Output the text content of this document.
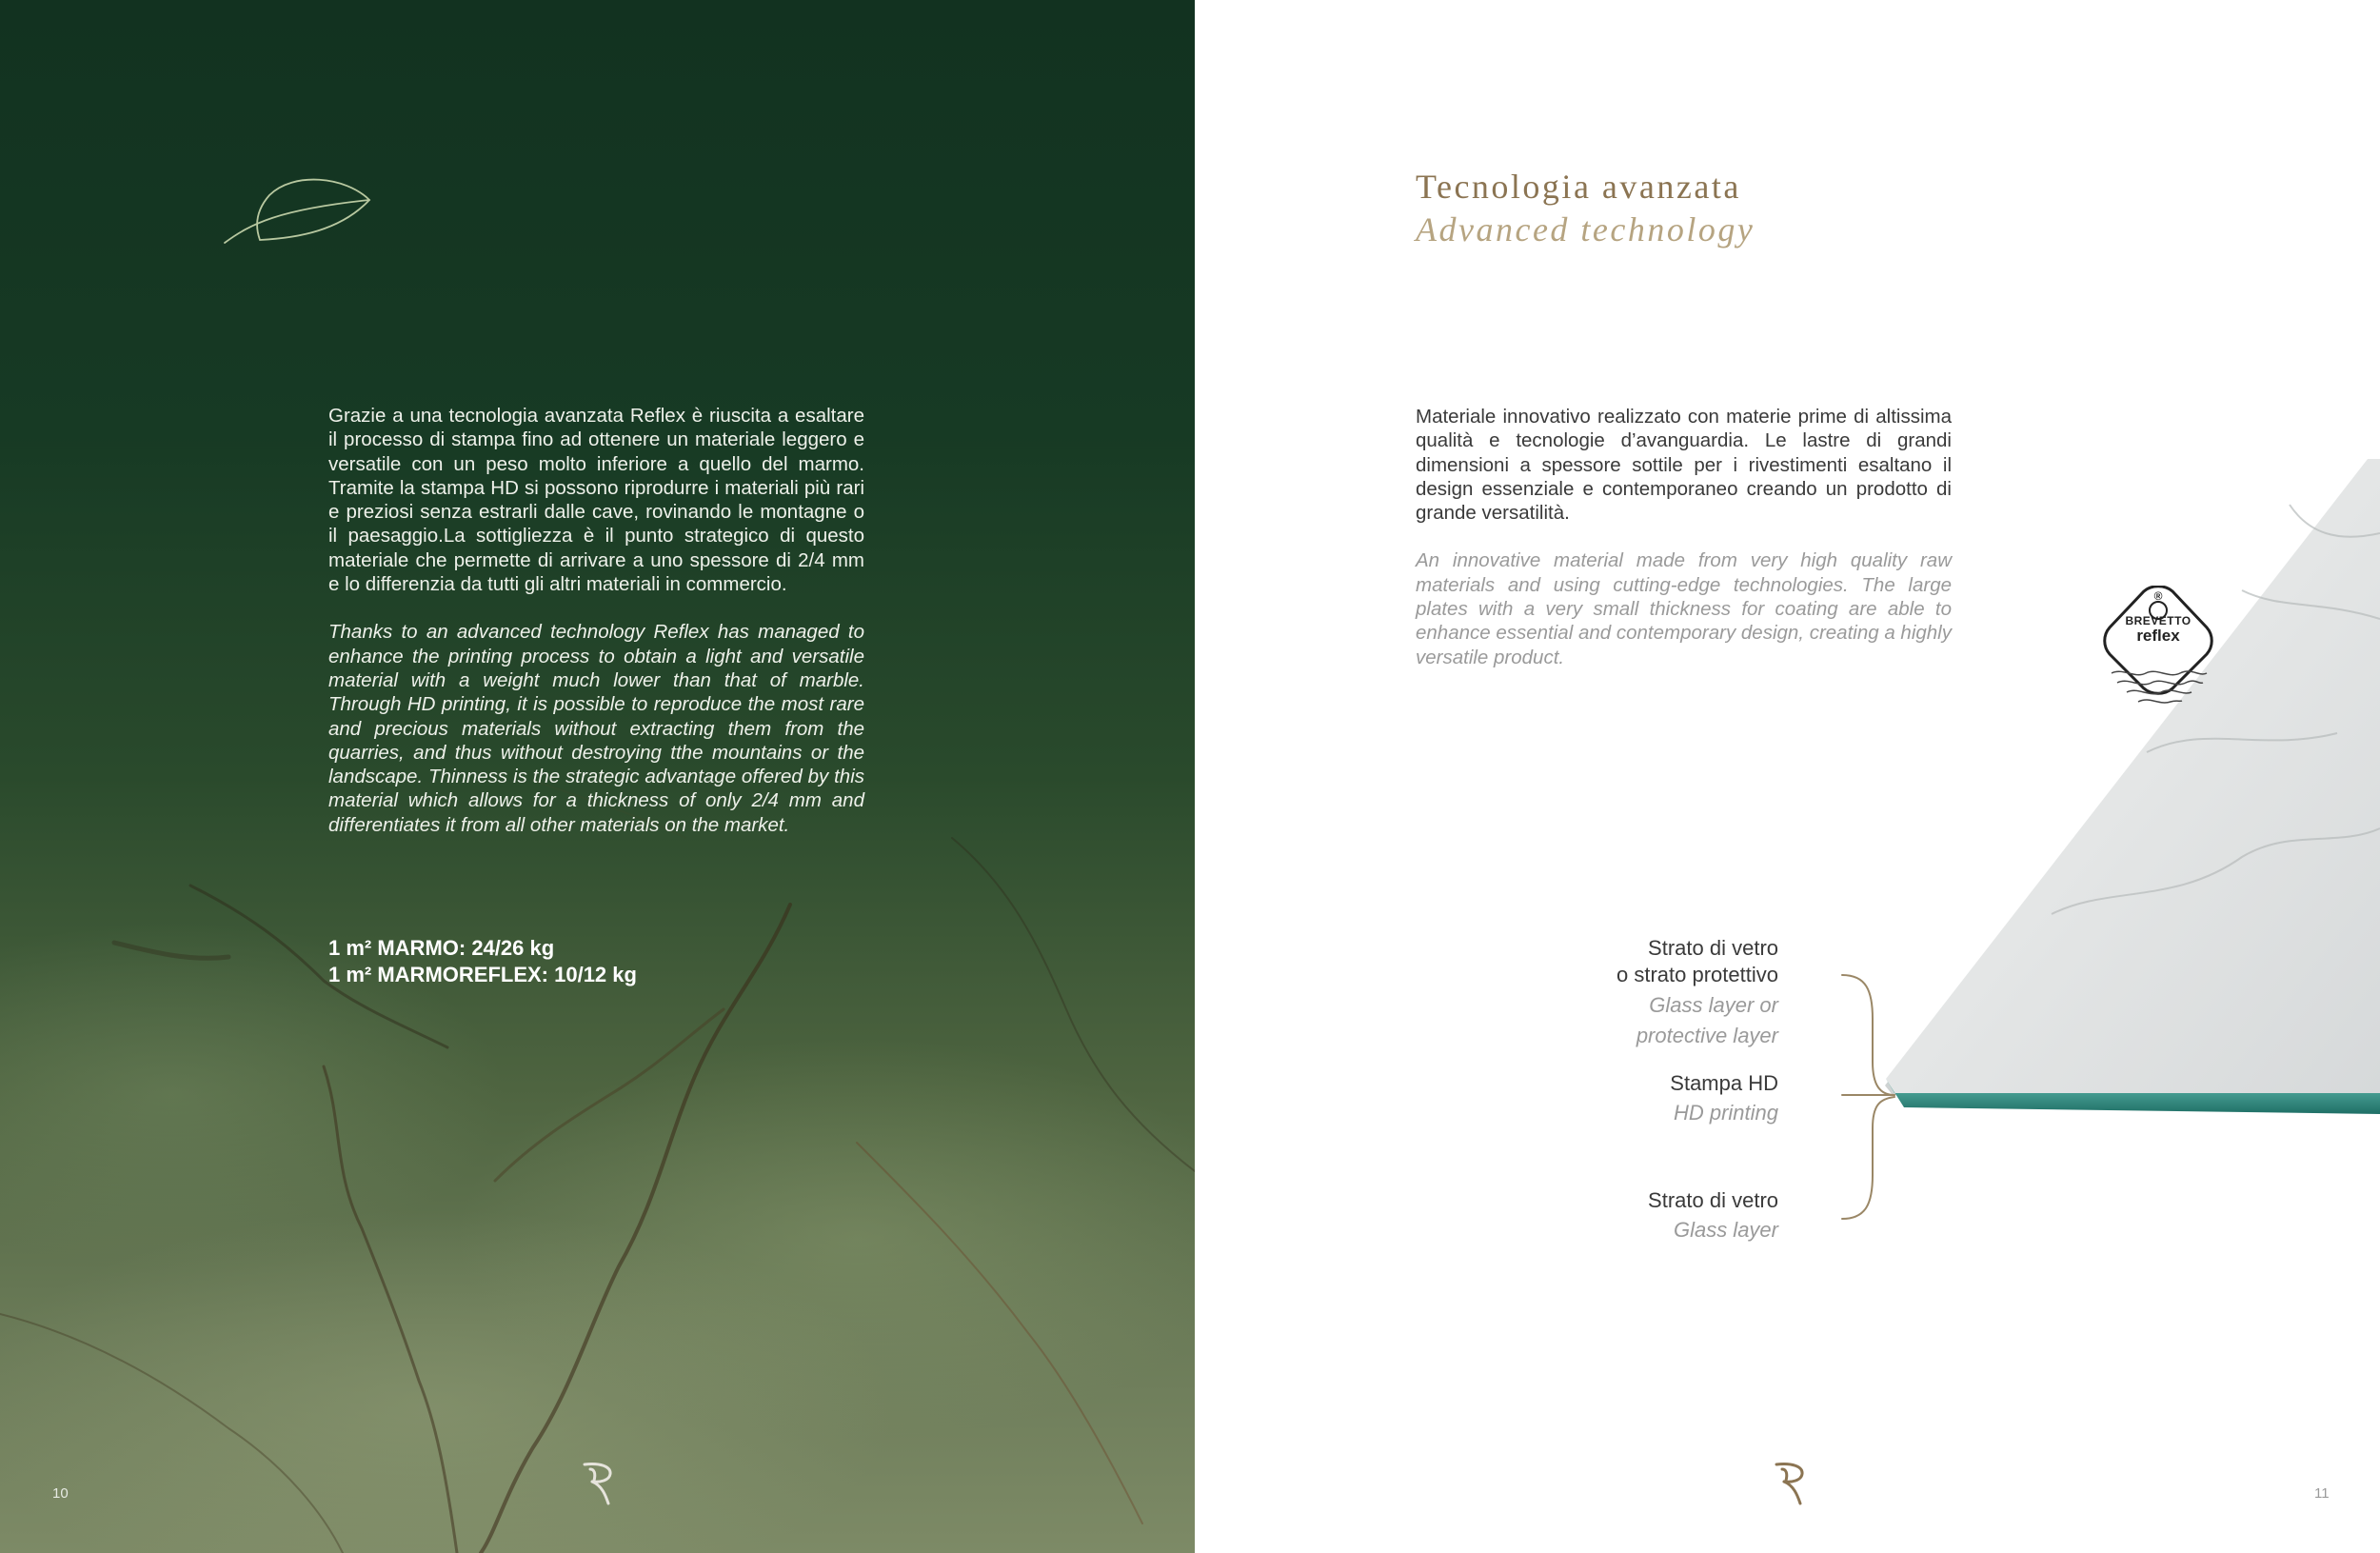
Grazie a una tecnologia avanzata Reflex è riuscita a esaltare il processo di stampa fino ad ottenere un materiale leggero e versatile con un peso molto inferiore a quello del marmo. Tramite la stampa HD si possono riprodurre i materiali più rari e preziosi senza estrarli dalle cave, rovinando le montagne o il paesaggio.La sottigliezza è il punto strategico di questo materiale che permette di arrivare a uno spessore di 2/4 mm e lo differenzia da tutti gli altri materiali in commercio.

Thanks to an advanced technology Reflex has managed to enhance the printing process to obtain a light and versatile material with a weight much lower than that of marble. Through HD printing, it is possible to reproduce the most rare and precious materials without extracting them from the quarries, and thus without destroying tthe mountains or the landscape. Thinness is the strategic advantage offered by this material which allows for a thickness of only 2/4 mm and differentiates it from all other materials on the market.

1 m² MARMO: 24/26 kg
1 m² MARMOREFLEX: 10/12 kg
10
Tecnologia avanzata
Advanced technology

Materiale innovativo realizzato con materie prime di altissima qualità e tecnologie d’avanguardia. Le lastre di grandi dimensioni a spessore sottile per i rivestimenti esaltano il design essenziale e contemporaneo creando un prodotto di grande versatilità.

An innovative material made from very high quality raw materials and using cutting-edge technologies. The large plates with a very small thickness for coating are able to enhance essential and contemporary design, creating a highly versatile product.

®
BREVETTO
reflex
Strato di vetro
o strato protettivo
Glass layer or
protective layer
Stampa HD
HD printing
Strato di vetro
Glass layer
11
